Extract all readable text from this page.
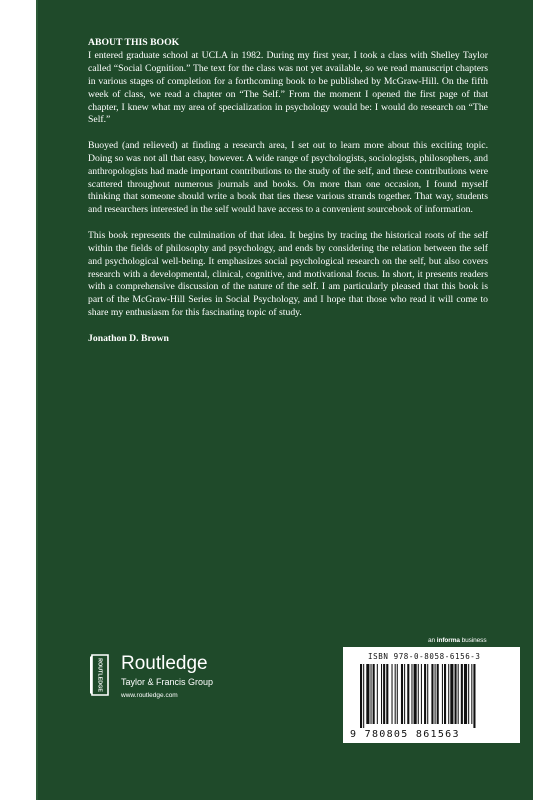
ABOUT THIS BOOK

I entered graduate school at UCLA in 1982. During my first year, I took a class with Shelley Taylor called “Social Cognition.” The text for the class was not yet available, so we read manuscript chapters in various stages of completion for a forthcoming book to be published by McGraw-Hill. On the fifth week of class, we read a chapter on “The Self.” From the moment I opened the first page of that chapter, I knew what my area of specialization in psychology would be: I would do research on “The Self.”

Buoyed (and relieved) at finding a research area, I set out to learn more about this exciting topic. Doing so was not all that easy, however. A wide range of psychologists, sociologists, philosophers, and anthropologists had made important contributions to the study of the self, and these contributions were scattered throughout numerous journals and books. On more than one occasion, I found myself thinking that someone should write a book that ties these various strands together. That way, students and researchers interested in the self would have access to a convenient sourcebook of information.

This book represents the culmination of that idea. It begins by tracing the historical roots of the self within the fields of philosophy and psychology, and ends by considering the relation between the self and psychological well-being. It emphasizes social psychological research on the self, but also covers research with a developmental, clinical, cognitive, and motivational focus. In short, it presents readers with a comprehensive discussion of the nature of the self. I am particularly pleased that this book is part of the McGraw-Hill Series in Social Psychology, and I hope that those who read it will come to share my enthusiasm for this fascinating topic of study.

Jonathon D. Brown

an informa business
ROUTLEDGE Routledge
Taylor & Francis Group
www.routledge.com
ISBN 978-0-8058-6156-3
9 780805 861563
